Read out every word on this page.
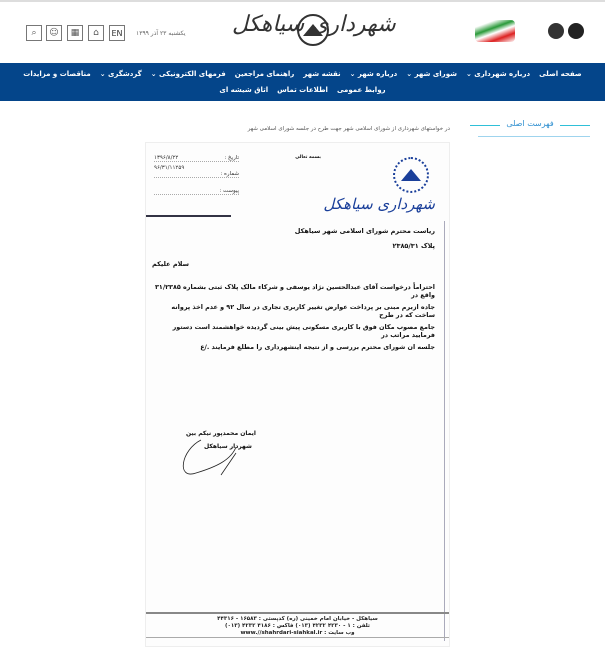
⌕ ☺ ▦ ⌂	EN	یکشنبه ۲۳ آذر ۱۳۹۹ شهرداری سیاهکل
صفحه اصلی
درباره شهرداری ⌄
شورای شهر ⌄
درباره شهر ⌄
نقشه شهر
راهنمای مراجعین
فرمهای الکترونیکی ⌄
گردشگری ⌄
مناقصات و مزایدات
روابط عمومی
اطلاعات تماس
اتاق شیشه ای
در خواستهای شهرداری از شورای اسلامی شهر جهت طرح در جلسه شورای اسلامی شهر
فهرست اصلی
بسمه تعالی
تاریخ :
۱۳۹۶/۸/۲۲
۹۶/۳۱/۱۱۲۵۹
شماره :
پیوست :
شهرداری سیاهکل
ریاست محترم شورای اسلامی شهر سیاهکل
پلاک ۲۳۸۵/۳۱
سلام علیکم
احتراماً درخواست آقای عبدالحسین نژاد یوسفی و شرکاء مالک پلاک ثبتی بشماره ۳۱/۲۳۸۵ واقع در
جاده ازبرم مبنی بر پرداخت عوارض تغییر کاربری تجاری در سال ۹۲ و عدم اخذ پروانه ساخت که در طرح
جامع مصوب مکان فوق با کاربری مسکونی پیش بینی گردیده خواهشمند است دستور فرمایید مراتب در
جلسه ان شورای محترم بررسی و از نتیجه اینشهرداری را مطلع فرمایند ./ع
ایمان محمدپور نیکم بین
شهردار سیاهکل
سیاهکل - خیابان امام خمینی (ره) کدپستی : ۱۶۵۸۳ - ۴۴۳۱۶
تلفن : ۱ - ۴۲۳۰ ۴۲۳۲ (۰۱۳) فاکس : ۴۱۸۶ ۴۲۳۲ (۰۱۳)
وب سایت : www.//shahrdari-siahkal.ir
